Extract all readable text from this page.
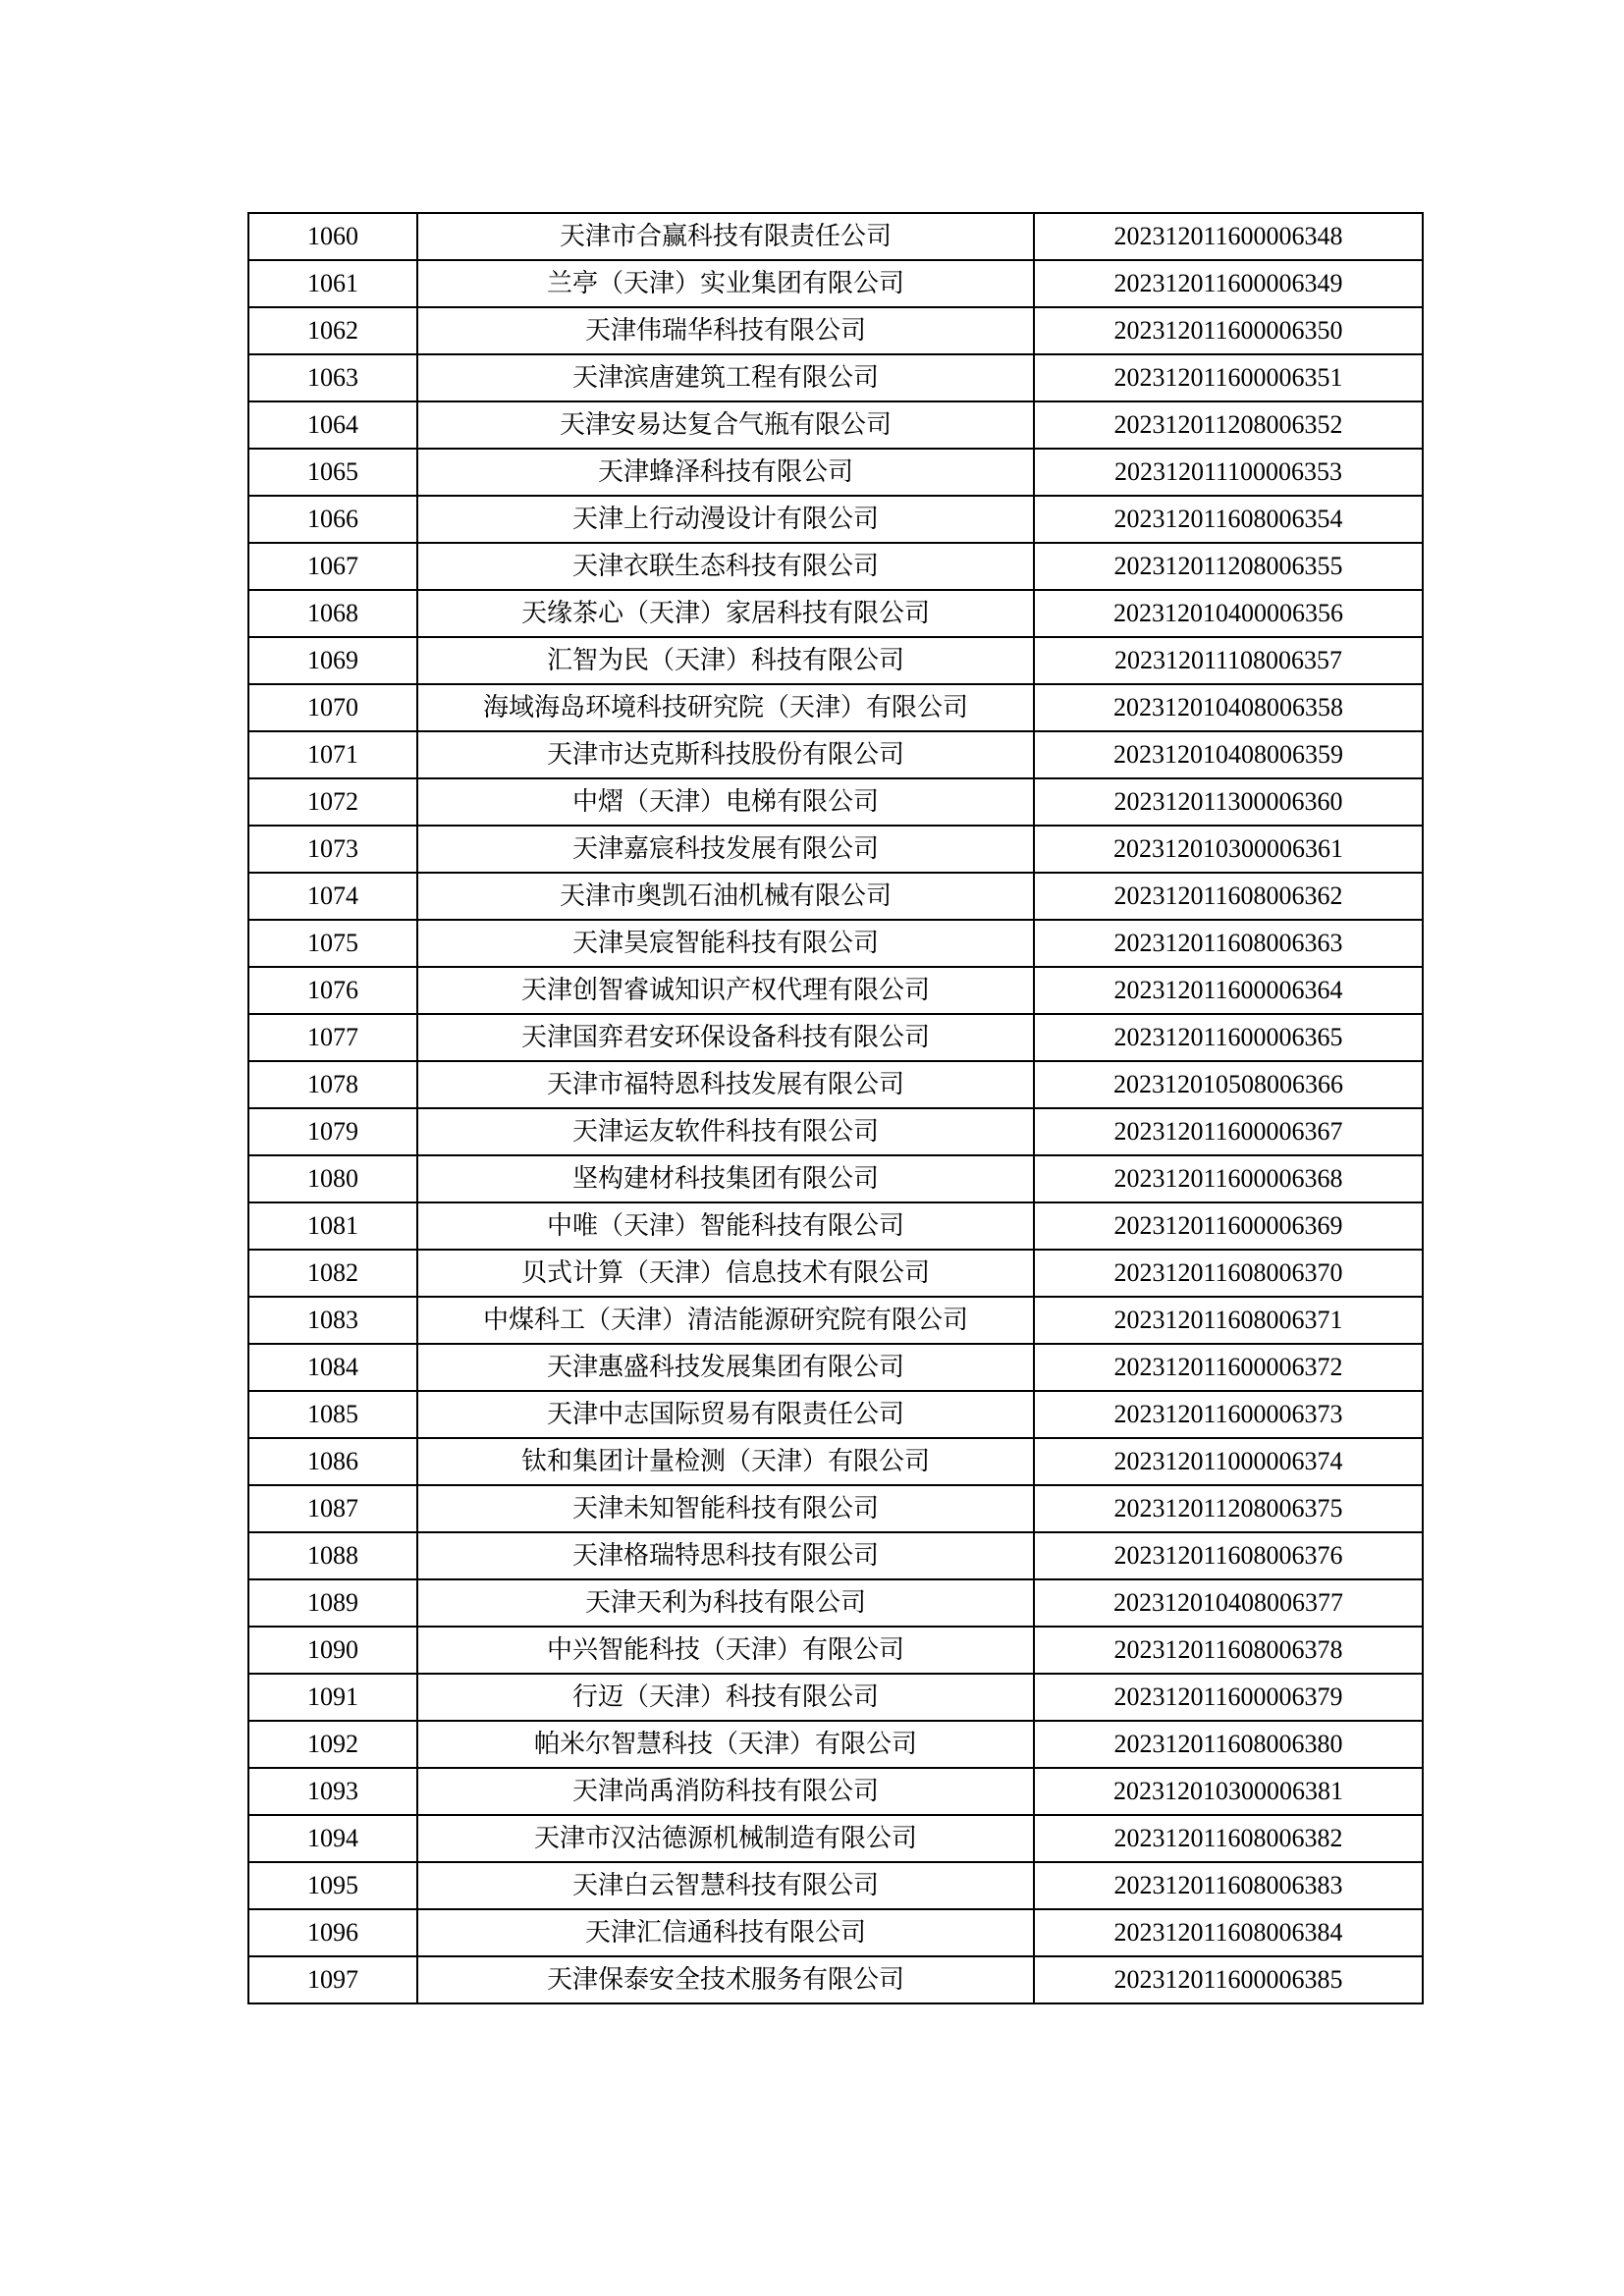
1060	天津市合赢科技有限责任公司	202312011600006348
1061	兰亭（天津）实业集团有限公司	202312011600006349
1062	天津伟瑞华科技有限公司	202312011600006350
1063	天津滨唐建筑工程有限公司	202312011600006351
1064	天津安易达复合气瓶有限公司	202312011208006352
1065	天津蜂泽科技有限公司	202312011100006353
1066	天津上行动漫设计有限公司	202312011608006354
1067	天津衣联生态科技有限公司	202312011208006355
1068	天缘茶心（天津）家居科技有限公司	202312010400006356
1069	汇智为民（天津）科技有限公司	202312011108006357
1070	海域海岛环境科技研究院（天津）有限公司	202312010408006358
1071	天津市达克斯科技股份有限公司	202312010408006359
1072	中熠（天津）电梯有限公司	202312011300006360
1073	天津嘉宸科技发展有限公司	202312010300006361
1074	天津市奥凯石油机械有限公司	202312011608006362
1075	天津昊宸智能科技有限公司	202312011608006363
1076	天津创智睿诚知识产权代理有限公司	202312011600006364
1077	天津国弈君安环保设备科技有限公司	202312011600006365
1078	天津市福特恩科技发展有限公司	202312010508006366
1079	天津运友软件科技有限公司	202312011600006367
1080	坚构建材科技集团有限公司	202312011600006368
1081	中唯（天津）智能科技有限公司	202312011600006369
1082	贝式计算（天津）信息技术有限公司	202312011608006370
1083	中煤科工（天津）清洁能源研究院有限公司	202312011608006371
1084	天津惠盛科技发展集团有限公司	202312011600006372
1085	天津中志国际贸易有限责任公司	202312011600006373
1086	钛和集团计量检测（天津）有限公司	202312011000006374
1087	天津未知智能科技有限公司	202312011208006375
1088	天津格瑞特思科技有限公司	202312011608006376
1089	天津天利为科技有限公司	202312010408006377
1090	中兴智能科技（天津）有限公司	202312011608006378
1091	行迈（天津）科技有限公司	202312011600006379
1092	帕米尔智慧科技（天津）有限公司	202312011608006380
1093	天津尚禹消防科技有限公司	202312010300006381
1094	天津市汉沽德源机械制造有限公司	202312011608006382
1095	天津白云智慧科技有限公司	202312011608006383
1096	天津汇信通科技有限公司	202312011608006384
1097	天津保泰安全技术服务有限公司	202312011600006385
